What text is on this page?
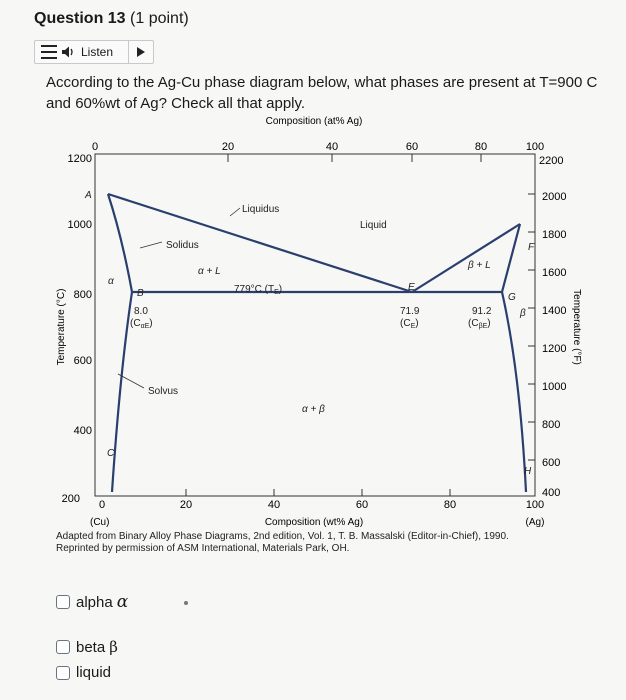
Question 13 (1 point)
Listen
According to the Ag-Cu phase diagram below, what phases are present at T=900 C and 60%wt of Ag? Check all that apply.
Composition (at% Ag)
0	20	40	60	80	100
1200
1000
800
600
400
200
Temperature (°C)
2200
2000
1800
1600
1400
1200
1000
800
600
400
Temperature (°F)
0	20	40	60	80	100
(Cu)	Composition (wt% Ag)	(Ag)
A
α
B
8.0
$(C_{\alpha E})$
C
Solidus
Liquidus
Liquid
α + L
779°C $(T_E)$	E
71.9
$(C_E)$
β + L
G
β
91.2
$(C_{\beta E})$
F
Solvus
α + β
H
Adapted from Binary Alloy Phase Diagrams, 2nd edition, Vol. 1, T. B. Massalski (Editor-in-Chief), 1990.
Reprinted by permission of ASM International, Materials Park, OH.
alpha α
beta β
liquid
